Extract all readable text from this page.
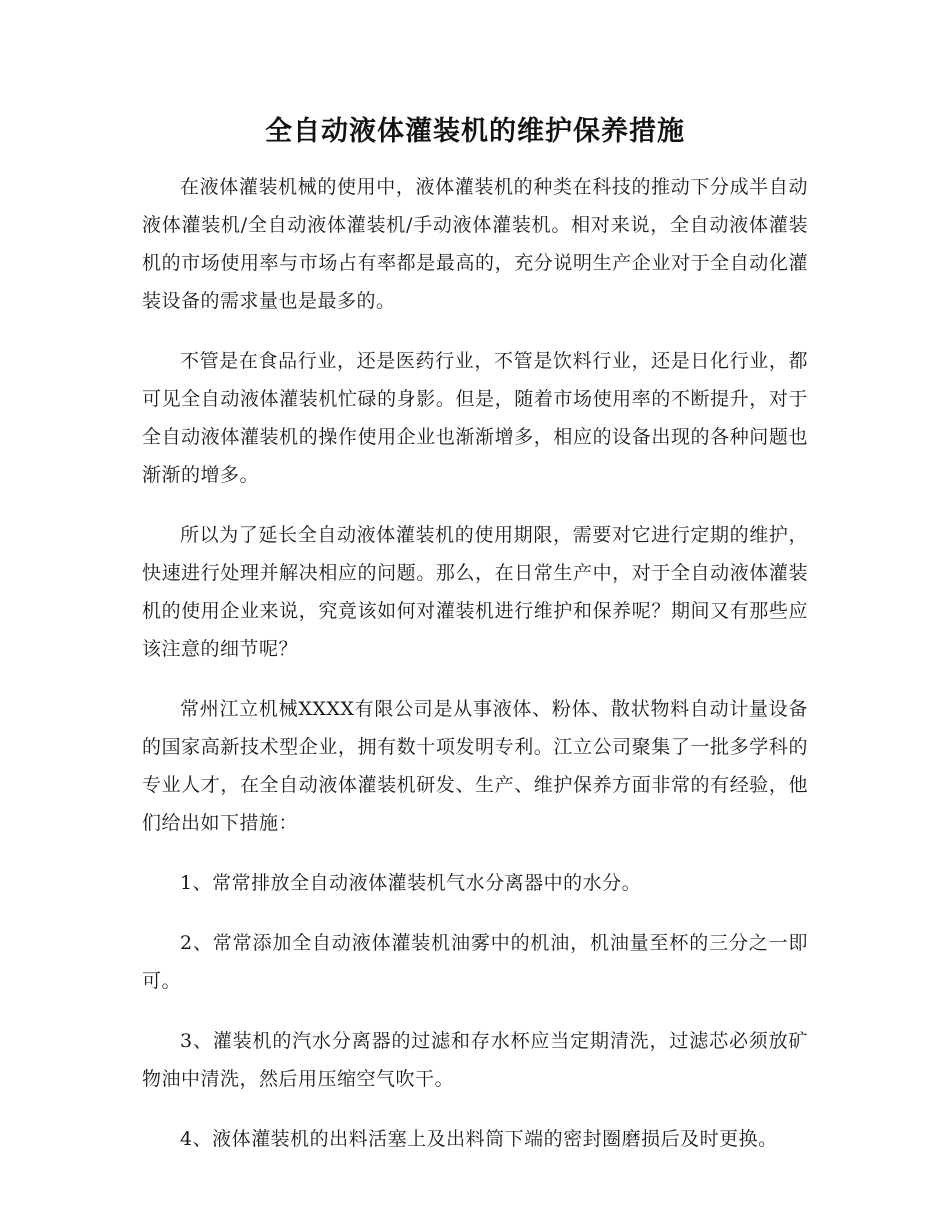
全自动液体灌装机的维护保养措施

在液体灌装机械的使用中，液体灌装机的种类在科技的推动下分成半自动液体灌装机/全自动液体灌装机/手动液体灌装机。相对来说，全自动液体灌装机的市场使用率与市场占有率都是最高的，充分说明生产企业对于全自动化灌装设备的需求量也是最多的。

不管是在食品行业，还是医药行业，不管是饮料行业，还是日化行业，都可见全自动液体灌装机忙碌的身影。但是，随着市场使用率的不断提升，对于全自动液体灌装机的操作使用企业也渐渐增多，相应的设备出现的各种问题也渐渐的增多。

所以为了延长全自动液体灌装机的使用期限，需要对它进行定期的维护，快速进行处理并解决相应的问题。那么，在日常生产中，对于全自动液体灌装机的使用企业来说，究竟该如何对灌装机进行维护和保养呢？期间又有那些应该注意的细节呢？

常州江立机械XXXX有限公司是从事液体、粉体、散状物料自动计量设备的国家高新技术型企业，拥有数十项发明专利。江立公司聚集了一批多学科的专业人才，在全自动液体灌装机研发、生产、维护保养方面非常的有经验，他们给出如下措施：

1、常常排放全自动液体灌装机气水分离器中的水分。

2、常常添加全自动液体灌装机油雾中的机油，机油量至杯的三分之一即可。

3、灌装机的汽水分离器的过滤和存水杯应当定期清洗，过滤芯必须放矿物油中清洗，然后用压缩空气吹干。

4、液体灌装机的出料活塞上及出料筒下端的密封圈磨损后及时更换。
